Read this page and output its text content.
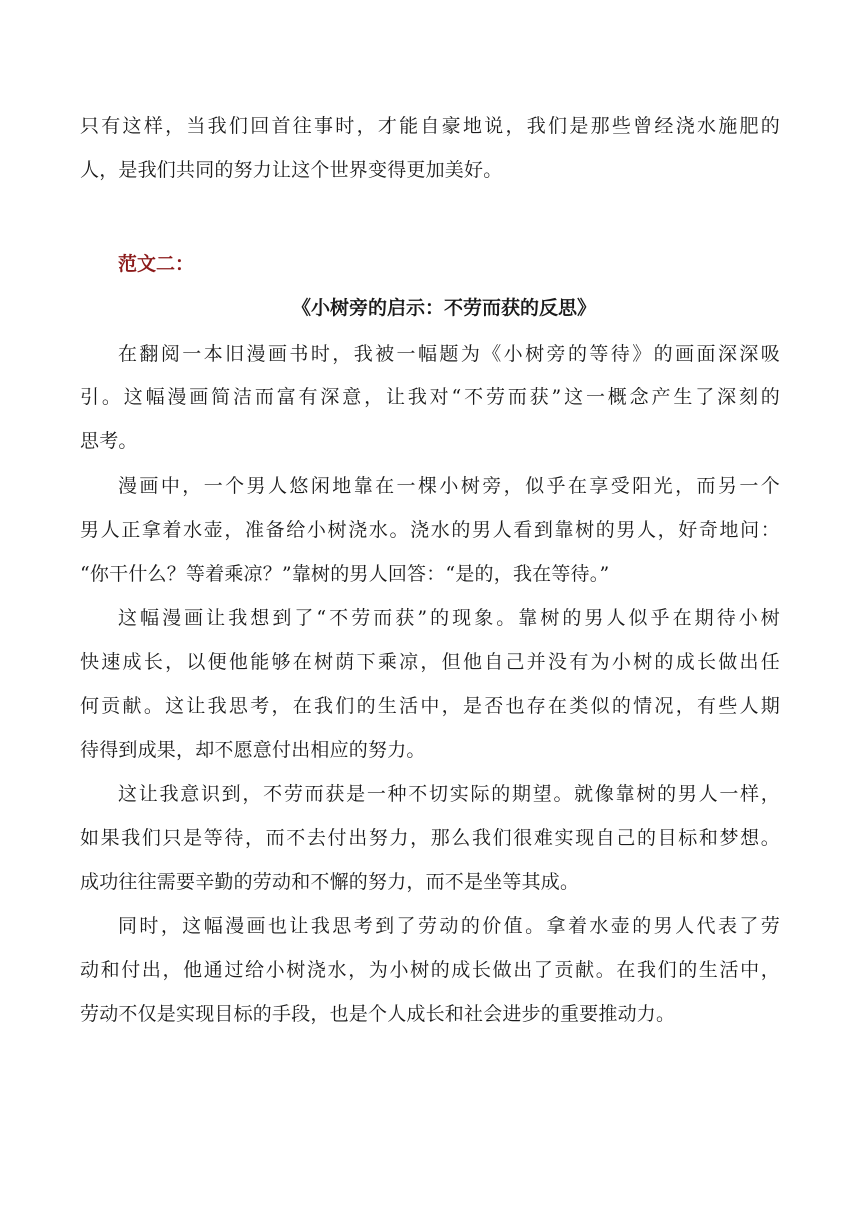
只有这样，当我们回首往事时，才能自豪地说，我们是那些曾经浇水施肥的
人，是我们共同的努力让这个世界变得更加美好。
范文二：
《小树旁的启示：不劳而获的反思》
在翻阅一本旧漫画书时，我被一幅题为《小树旁的等待》的画面深深吸
引。这幅漫画简洁而富有深意，让我对“不劳而获”这一概念产生了深刻的
思考。
漫画中，一个男人悠闲地靠在一棵小树旁，似乎在享受阳光，而另一个
男人正拿着水壶，准备给小树浇水。浇水的男人看到靠树的男人，好奇地问：
“你干什么？等着乘凉？”靠树的男人回答：“是的，我在等待。”
这幅漫画让我想到了“不劳而获”的现象。靠树的男人似乎在期待小树
快速成长，以便他能够在树荫下乘凉，但他自己并没有为小树的成长做出任
何贡献。这让我思考，在我们的生活中，是否也存在类似的情况，有些人期
待得到成果，却不愿意付出相应的努力。
这让我意识到，不劳而获是一种不切实际的期望。就像靠树的男人一样，
如果我们只是等待，而不去付出努力，那么我们很难实现自己的目标和梦想。
成功往往需要辛勤的劳动和不懈的努力，而不是坐等其成。
同时，这幅漫画也让我思考到了劳动的价值。拿着水壶的男人代表了劳
动和付出，他通过给小树浇水，为小树的成长做出了贡献。在我们的生活中，
劳动不仅是实现目标的手段，也是个人成长和社会进步的重要推动力。
